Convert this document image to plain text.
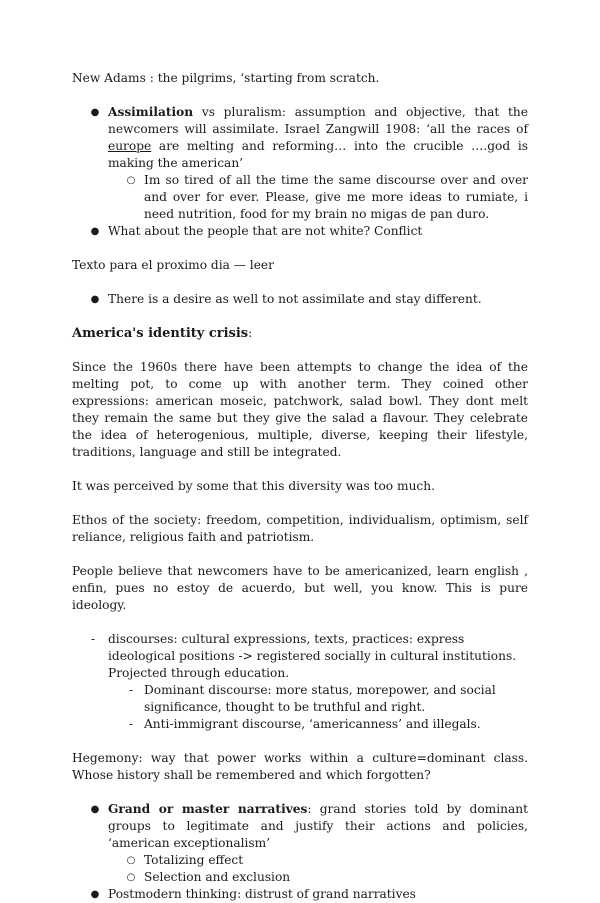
New Adams : the pilgrims, ‘starting from scratch.

● Assimilation vs pluralism: assumption and objective, that the newcomers will assimilate. Israel Zangwill 1908: ‘all the races of europe are melting and reforming… into the crucible ….god is making the american’
○ Im so tired of all the time the same discourse over and over and over for ever. Please, give me more ideas to rumiate, i need nutrition, food for my brain no migas de pan duro.
● What about the people that are not white? Conflict

Texto para el proximo dia — leer

● There is a desire as well to not assimilate and stay different.

America's identity crisis:

Since the 1960s there have been attempts to change the idea of the melting pot, to come up with another term. They coined other expressions: american moseic, patchwork, salad bowl. They dont melt they remain the same but they give the salad a flavour. They celebrate the idea of heterogenious, multiple, diverse, keeping their lifestyle, traditions, language and still be integrated.

It was perceived by some that this diversity was too much.

Ethos of the society: freedom, competition, individualism, optimism, self reliance, religious faith and patriotism.

People believe that newcomers have to be americanized, learn english , enfin, pues no estoy de acuerdo, but well, you know. This is pure ideology.

-	discourses: cultural expressions, texts, practices: express ideological positions -> registered socially in cultural institutions. Projected through education.
- Dominant discourse: more status, morepower, and social significance, thought to be truthful and right.
- Anti-immigrant discourse, ‘americanness’ and illegals.

Hegemony: way that power works within a culture=dominant class. Whose history shall be remembered and which forgotten?

● Grand or master narratives: grand stories told by dominant groups to legitimate and justify their actions and policies, ‘american exceptionalism’
○ Totalizing effect
○ Selection and exclusion
● Postmodern thinking: distrust of grand narratives
